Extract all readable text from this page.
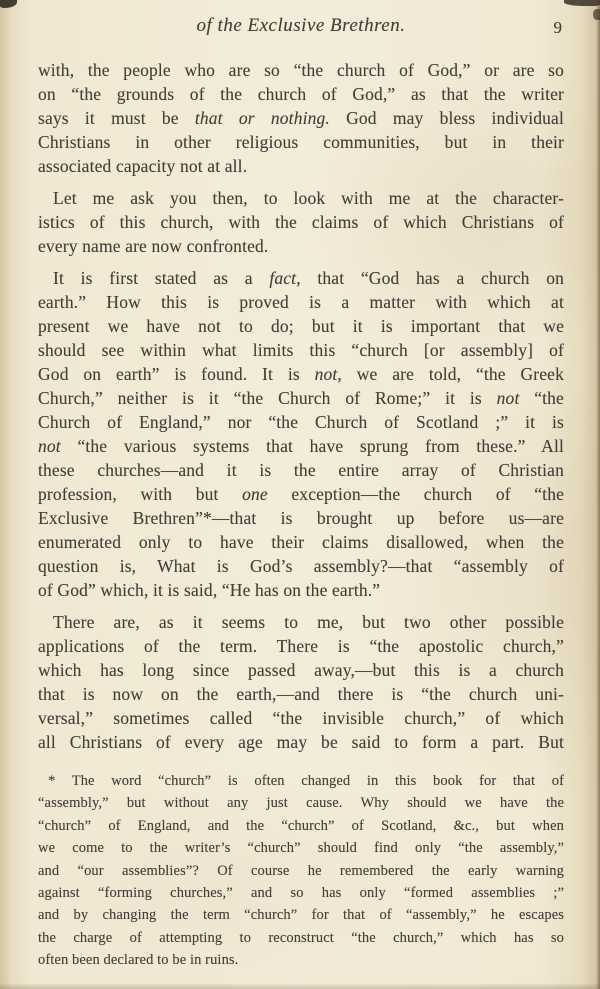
of the Exclusive Brethren.	9
with, the people who are so “the church of God,” or are so
on “the grounds of the church of God,” as that the writer
says it must be that or nothing. God may bless individual
Christians in other religious communities, but in their
associated capacity not at all.
Let me ask you then, to look with me at the character-
istics of this church, with the claims of which Christians of
every name are now confronted.
It is first stated as a fact, that “God has a church on
earth.” How this is proved is a matter with which at
present we have not to do; but it is important that we
should see within what limits this “church [or assembly] of
God on earth” is found. It is not, we are told, “the Greek
Church,” neither is it “the Church of Rome;” it is not “the
Church of England,” nor “the Church of Scotland ;” it is
not “the various systems that have sprung from these.” All
these churches—and it is the entire array of Christian
profession, with but one exception—the church of “the
Exclusive Brethren”*—that is brought up before us—are
enumerated only to have their claims disallowed, when the
question is, What is God’s assembly?—that “assembly of
of God” which, it is said, “He has on the earth.”
There are, as it seems to me, but two other possible
applications of the term. There is “the apostolic church,”
which has long since passed away,—but this is a church
that is now on the earth,—and there is “the church uni-
versal,” sometimes called “the invisible church,” of which
all Christians of every age may be said to form a part. But
* The word “church” is often changed in this book for that of
“assembly,” but without any just cause. Why should we have the
“church” of England, and the “church” of Scotland, &c., but when
we come to the writer’s “church” should find only “the assembly,”
and “our assemblies”? Of course he remembered the early warning
against “forming churches,” and so has only “formed assemblies ;”
and by changing the term “church” for that of “assembly,” he escapes
the charge of attempting to reconstruct “the church,” which has so
often been declared to be in ruins.
